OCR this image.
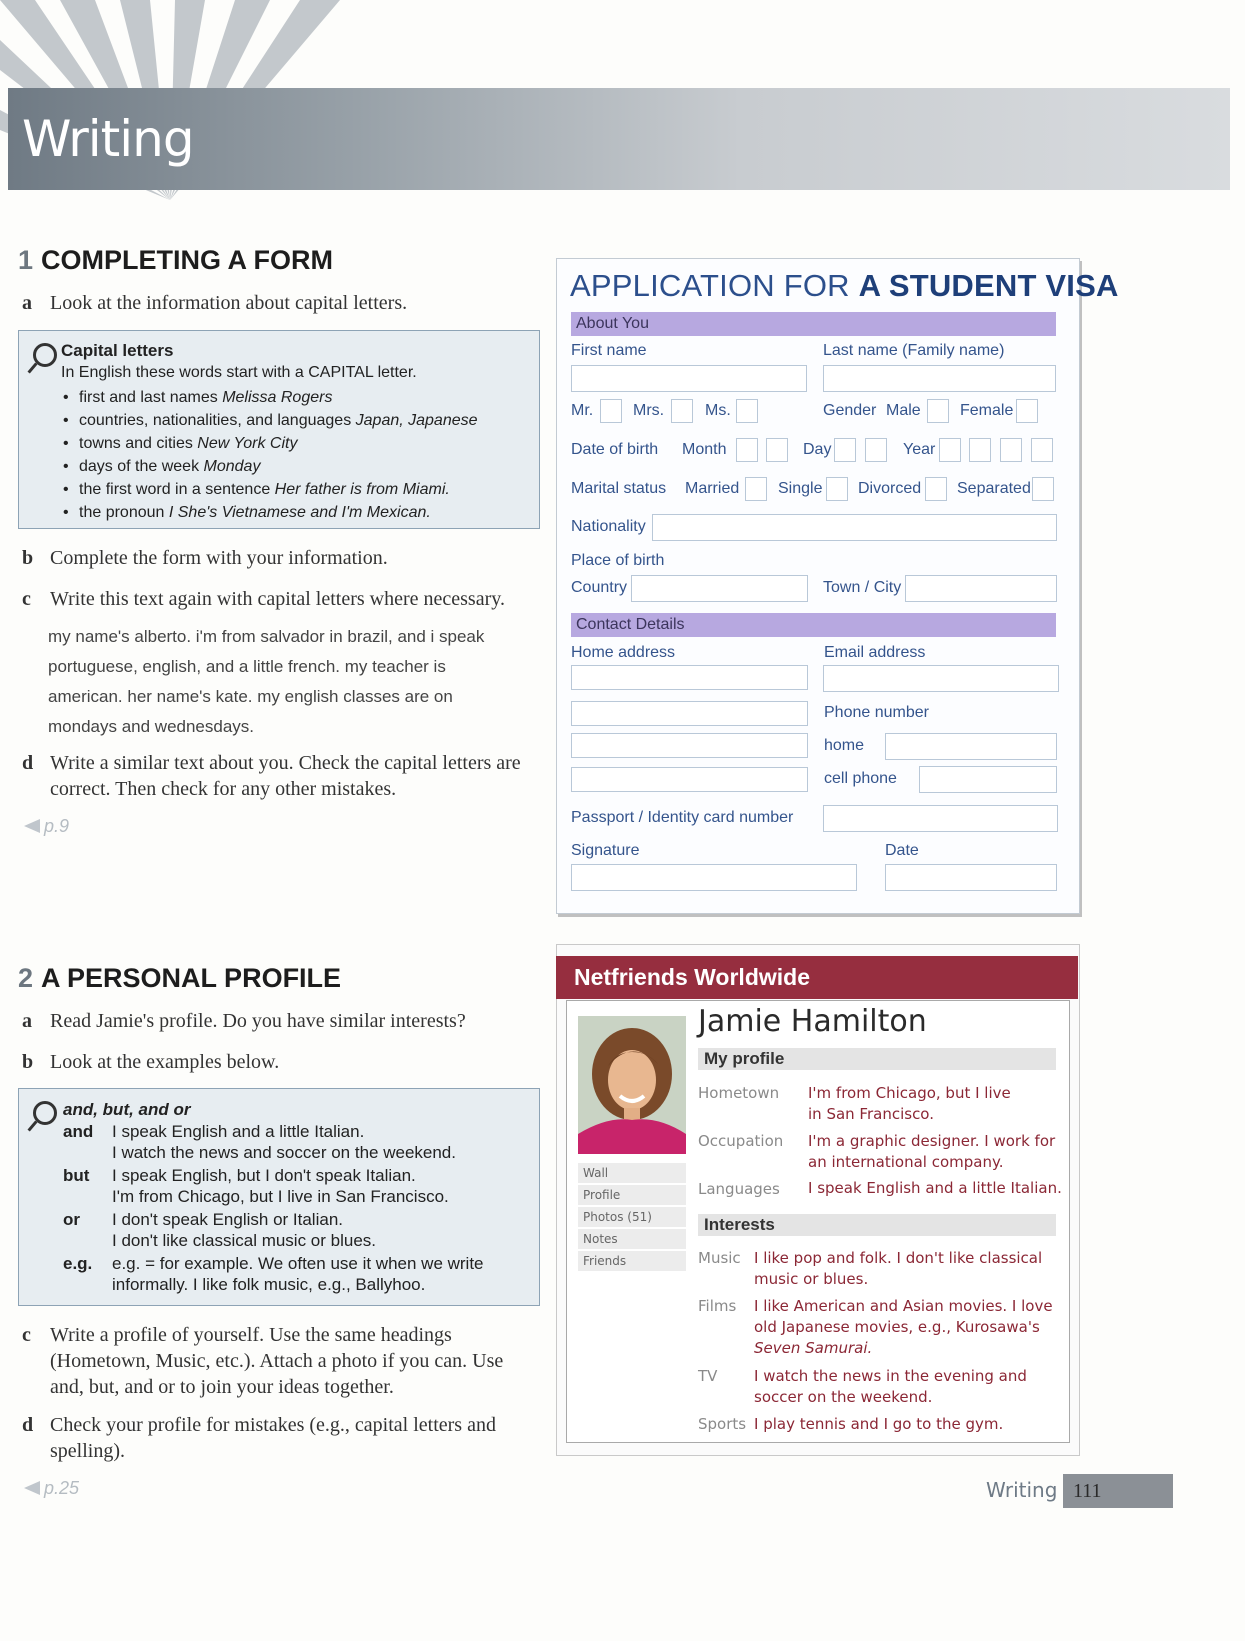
Writing
1 COMPLETING A FORM
a Look at the information about capital letters.
Capital letters
In English these words start with a CAPITAL letter.
• first and last names Melissa Rogers
• countries, nationalities, and languages Japan, Japanese
• towns and cities New York City
• days of the week Monday
• the first word in a sentence Her father is from Miami.
• the pronoun I She's Vietnamese and I'm Mexican.
b Complete the form with your information.
c Write this text again with capital letters where necessary.
my name's alberto. i'm from salvador in brazil, and i speak
portuguese, english, and a little french. my teacher is
american. her name's kate. my english classes are on
mondays and wednesdays.
d Write a similar text about you. Check the capital letters are correct. Then check for any other mistakes.
p.9
2 A PERSONAL PROFILE
a Read Jamie's profile. Do you have similar interests?
b Look at the examples below.
and, but, and or
and I speak English and a little Italian.
I watch the news and soccer on the weekend.
but I speak English, but I don't speak Italian.
I'm from Chicago, but I live in San Francisco.
or I don't speak English or Italian.
I don't like classical music or blues.
e.g. e.g. = for example. We often use it when we write
informally. I like folk music, e.g., Ballyhoo.
c Write a profile of yourself. Use the same headings (Hometown, Music, etc.). Attach a photo if you can. Use and, but, and or to join your ideas together.
d Check your profile for mistakes (e.g., capital letters and spelling).
p.25
APPLICATION FOR A STUDENT VISA
About You
First name	Last name (Family name)
Mr. Mrs.	Ms.	Gender Male Female
Date of birth Month	Day	Year
Marital status Married Single Divorced Separated
Nationality
Place of birth
Country	Town / City
Contact Details
Home address	Email address
Phone number
home
cell phone
Passport / Identity card number
Signature	Date
Netfriends Worldwide
Wall
Profile
Photos (51)
Notes
Friends
Jamie Hamilton
My profile
Hometown I'm from Chicago, but I live
in San Francisco.
Occupation I'm a graphic designer. I work for
an international company.
Languages I speak English and a little Italian.
Interests
Music I like pop and folk. I don't like classical
music or blues.
Films I like American and Asian movies. I love
old Japanese movies, e.g., Kurosawa's
Seven Samurai.
TV I watch the news in the evening and
soccer on the weekend.
Sports I play tennis and I go to the gym.
Writing 111
